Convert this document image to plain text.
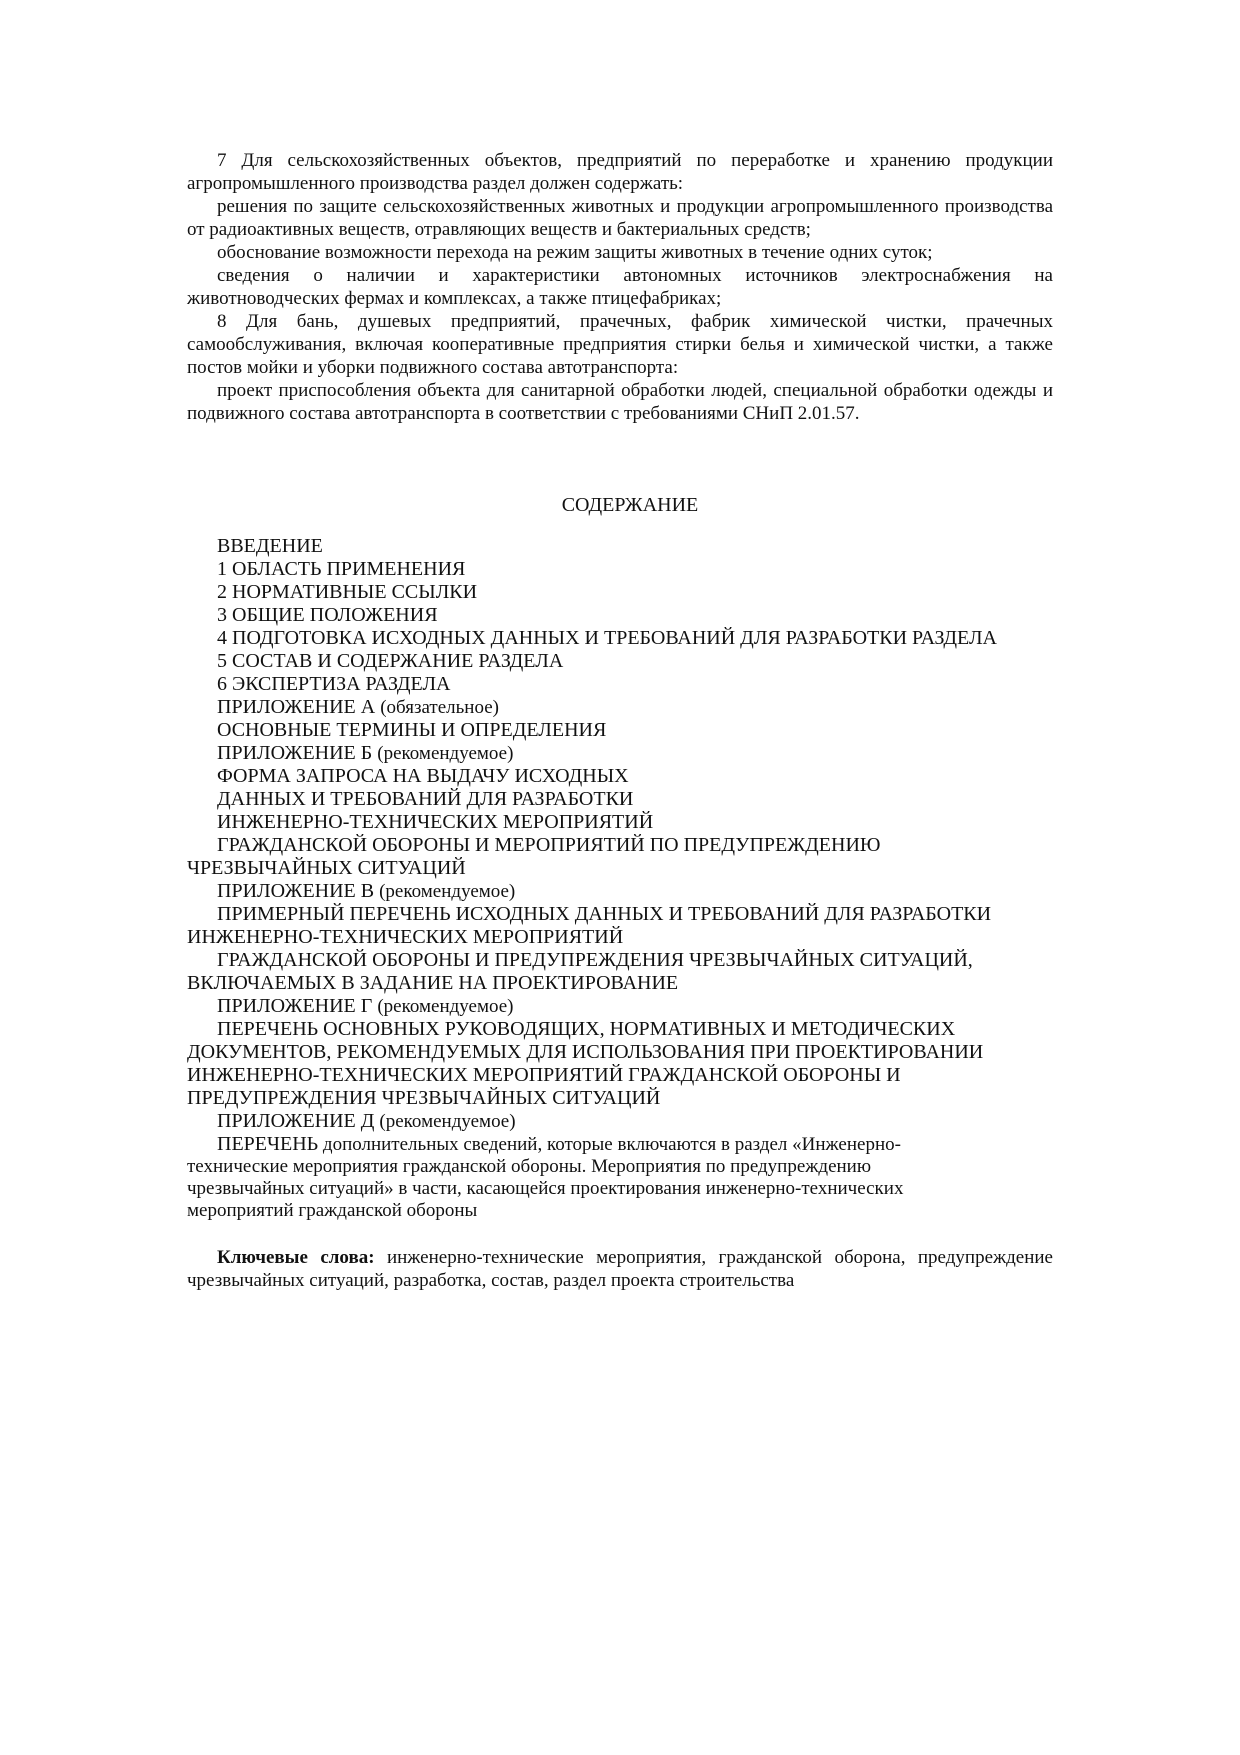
7 Для сельскохозяйственных объектов, предприятий по переработке и хранению продукции агропромышленного производства раздел должен содержать:

решения по защите сельскохозяйственных животных и продукции агропромышленного производства от радиоактивных веществ, отравляющих веществ и бактериальных средств;

обоснование возможности перехода на режим защиты животных в течение одних суток;

сведения о наличии и характеристики автономных источников электроснабжения на животноводческих фермах и комплексах, а также птицефабриках;

8 Для бань, душевых предприятий, прачечных, фабрик химической чистки, прачечных самообслуживания, включая кооперативные предприятия стирки белья и химической чистки, а также постов мойки и уборки подвижного состава автотранспорта:

проект приспособления объекта для санитарной обработки людей, специальной обработки одежды и подвижного состава автотранспорта в соответствии с требованиями СНиП 2.01.57.

СОДЕРЖАНИЕ
ВВЕДЕНИЕ
1 ОБЛАСТЬ ПРИМЕНЕНИЯ
2 НОРМАТИВНЫЕ ССЫЛКИ
3 ОБЩИЕ ПОЛОЖЕНИЯ
4 ПОДГОТОВКА ИСХОДНЫХ ДАННЫХ И ТРЕБОВАНИЙ ДЛЯ РАЗРАБОТКИ РАЗДЕЛА
5 СОСТАВ И СОДЕРЖАНИЕ РАЗДЕЛА
6 ЭКСПЕРТИЗА РАЗДЕЛА
ПРИЛОЖЕНИЕ А (обязательное)
ОСНОВНЫЕ ТЕРМИНЫ И ОПРЕДЕЛЕНИЯ
ПРИЛОЖЕНИЕ Б (рекомендуемое)
ФОРМА ЗАПРОСА НА ВЫДАЧУ ИСХОДНЫХ
ДАННЫХ И ТРЕБОВАНИЙ ДЛЯ РАЗРАБОТКИ
ИНЖЕНЕРНО-ТЕХНИЧЕСКИХ МЕРОПРИЯТИЙ
ГРАЖДАНСКОЙ ОБОРОНЫ И МЕРОПРИЯТИЙ ПО ПРЕДУПРЕЖДЕНИЮ ЧРЕЗВЫЧАЙНЫХ СИТУАЦИЙ
ПРИЛОЖЕНИЕ В (рекомендуемое)
ПРИМЕРНЫЙ ПЕРЕЧЕНЬ ИСХОДНЫХ ДАННЫХ И ТРЕБОВАНИЙ ДЛЯ РАЗРАБОТКИ ИНЖЕНЕРНО-ТЕХНИЧЕСКИХ МЕРОПРИЯТИЙ
ГРАЖДАНСКОЙ ОБОРОНЫ И ПРЕДУПРЕЖДЕНИЯ ЧРЕЗВЫЧАЙНЫХ СИТУАЦИЙ, ВКЛЮЧАЕМЫХ В ЗАДАНИЕ НА ПРОЕКТИРОВАНИЕ
ПРИЛОЖЕНИЕ Г (рекомендуемое)
ПЕРЕЧЕНЬ ОСНОВНЫХ РУКОВОДЯЩИХ, НОРМАТИВНЫХ И МЕТОДИЧЕСКИХ ДОКУМЕНТОВ, РЕКОМЕНДУЕМЫХ ДЛЯ ИСПОЛЬЗОВАНИЯ ПРИ ПРОЕКТИРОВАНИИ ИНЖЕНЕРНО-ТЕХНИЧЕСКИХ МЕРОПРИЯТИЙ ГРАЖДАНСКОЙ ОБОРОНЫ И ПРЕДУПРЕЖДЕНИЯ ЧРЕЗВЫЧАЙНЫХ СИТУАЦИЙ
ПРИЛОЖЕНИЕ Д (рекомендуемое)

ПЕРЕЧЕНЬ дополнительных сведений, которые включаются в раздел «Инженерно-технические мероприятия гражданской обороны. Мероприятия по предупреждению чрезвычайных ситуаций» в части, касающейся проектирования инженерно-технических мероприятий гражданской обороны

Ключевые слова: инженерно-технические мероприятия, гражданской оборона, предупреждение чрезвычайных ситуаций, разработка, состав, раздел проекта строительства
